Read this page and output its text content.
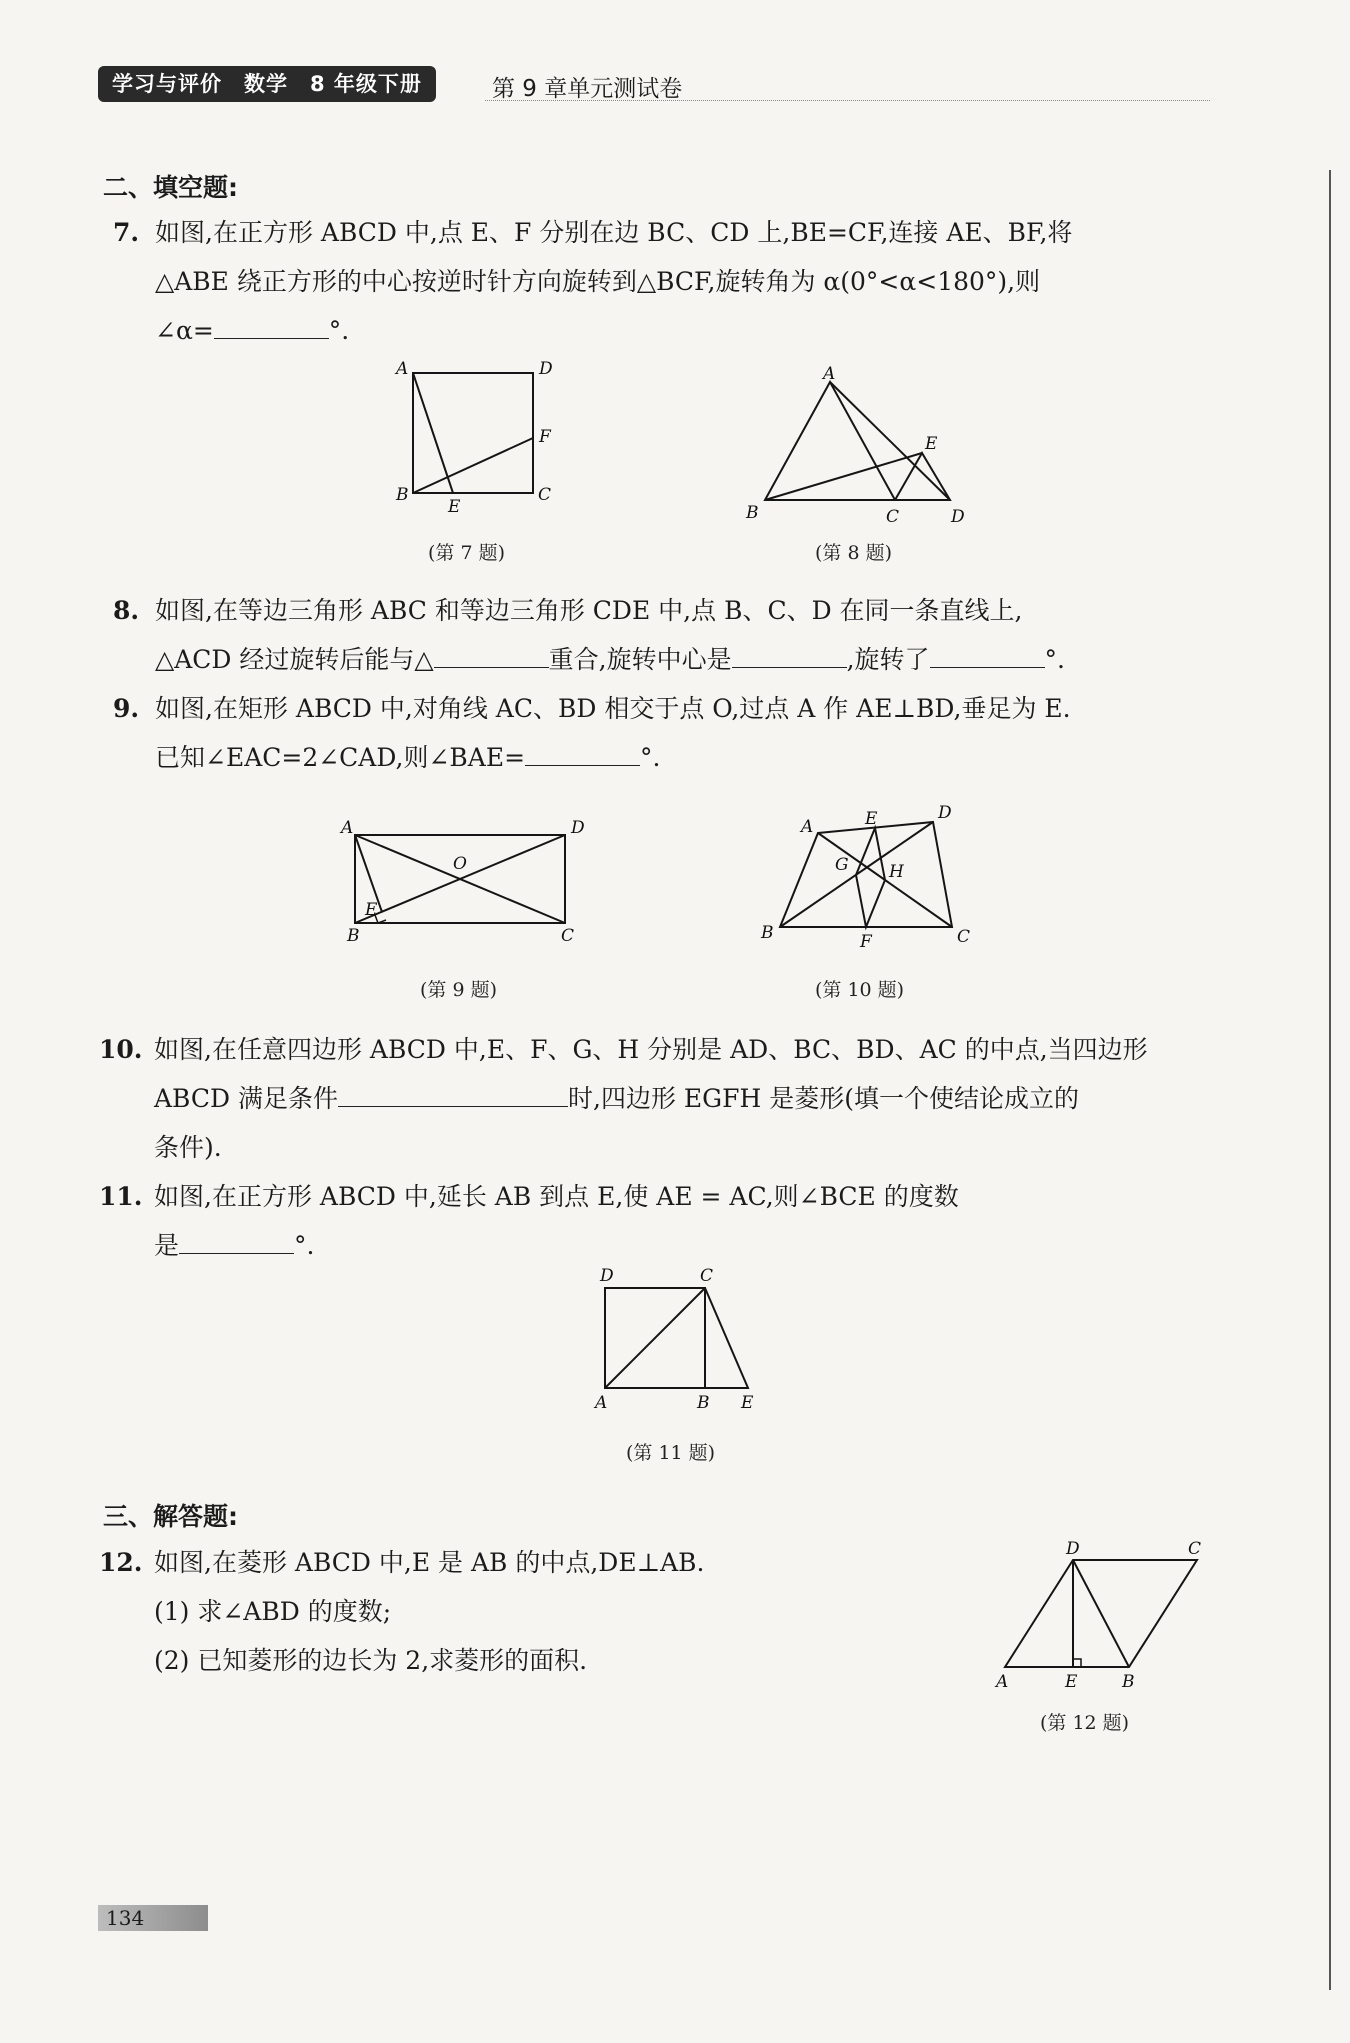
学习与评价 数学 8 年级下册	第 9 章单元测试卷
二、填空题:
7. 如图,在正方形 ABCD 中,点 E、F 分别在边 BC、CD 上,BE=CF,连接 AE、BF,将
△ABE 绕正方形的中心按逆时针方向旋转到△BCF,旋转角为 α(0°<α<180°),则
∠α=	°.
A	D
F
B
E
C
(第 7 题)
A
E
B	C	D
(第 8 题)
8. 如图,在等边三角形 ABC 和等边三角形 CDE 中,点 B、C、D 在同一条直线上,
△ACD 经过旋转后能与△	重合,旋转中心是	,旋转了	°.
9. 如图,在矩形 ABCD 中,对角线 AC、BD 相交于点 O,过点 A 作 AE⊥BD,垂足为 E.
已知∠EAC=2∠CAD,则∠BAE=	°.
A	D
O
E
B	C
(第 9 题)
A	E	D
G H
B	F	C
(第 10 题)
10. 如图,在任意四边形 ABCD 中,E、F、G、H 分别是 AD、BC、BD、AC 的中点,当四边形
ABCD 满足条件	时,四边形 EGFH 是菱形(填一个使结论成立的
条件).
11. 如图,在正方形 ABCD 中,延长 AB 到点 E,使 AE = AC,则∠BCE 的度数
是	°.
D	C
A	B E
(第 11 题)
三、解答题:
12. 如图,在菱形 ABCD 中,E 是 AB 的中点,DE⊥AB.
(1) 求∠ABD 的度数;
(2) 已知菱形的边长为 2,求菱形的面积.
D	C
A	E	B
(第 12 题)
134
